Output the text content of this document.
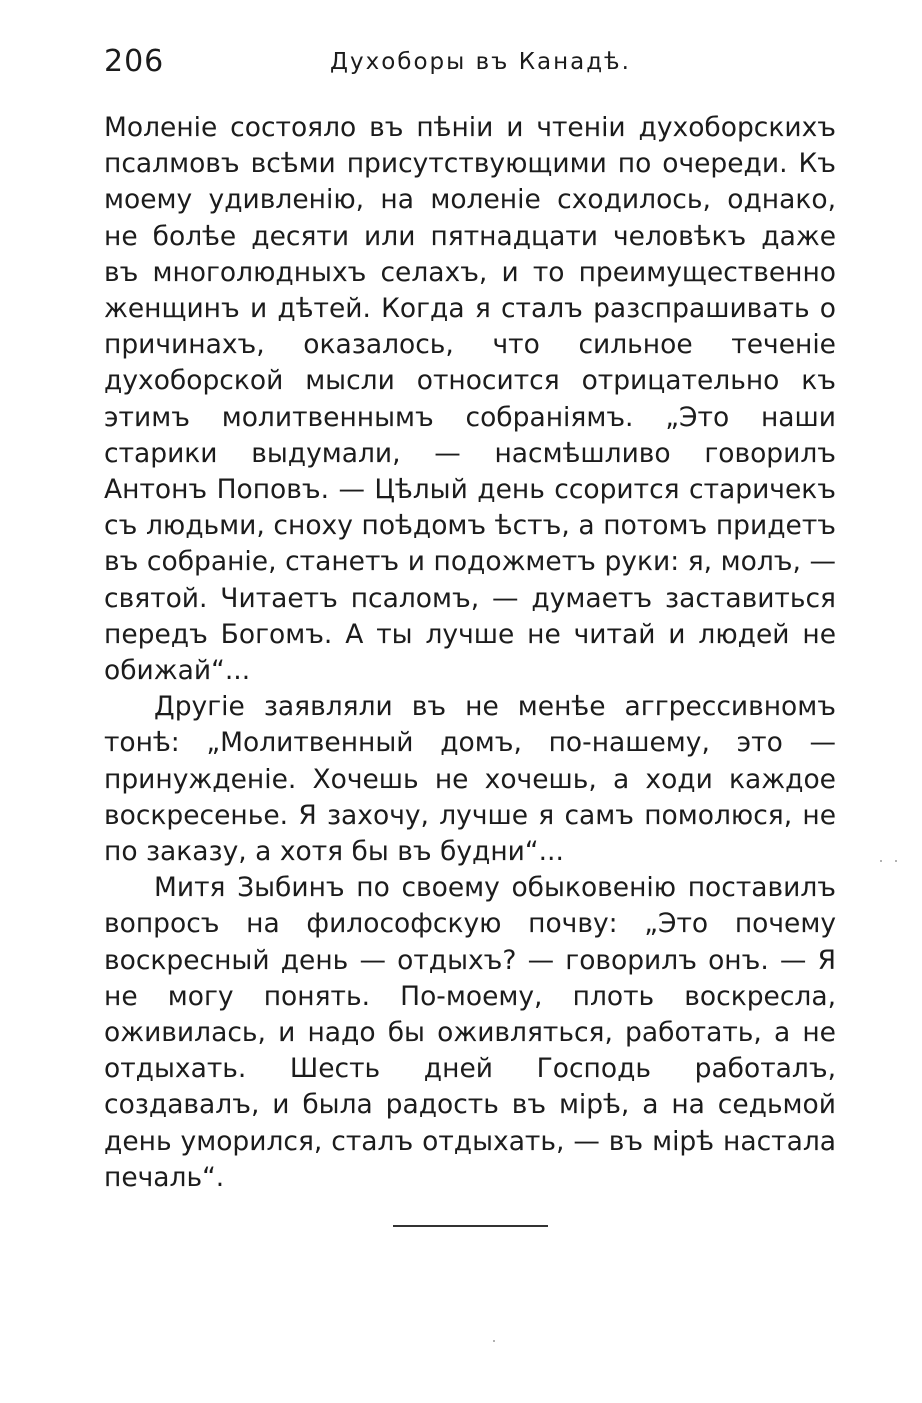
206	Духоборы въ Канадѣ.

Моленіе состояло въ пѣніи и чтеніи духоборскихъ псалмовъ всѣми присутствующими по очереди. Къ моему удивленію, на моленіе сходилось, однако, не болѣе десяти или пятнадцати человѣкъ даже въ многолюдныхъ селахъ, и то преимущественно женщинъ и дѣтей. Когда я сталъ разспрашивать о причинахъ, оказалось, что сильное теченіе духоборской мысли относится отрицательно къ этимъ молитвеннымъ собраніямъ. „Это наши старики выдумали, — насмѣшливо говорилъ Антонъ Поповъ. — Цѣлый день ссорится старичекъ съ людьми, сноху поѣдомъ ѣстъ, а потомъ придетъ въ собраніе, станетъ и подожметъ руки: я, молъ, — святой. Читаетъ псаломъ, — думаетъ заставиться передъ Богомъ. А ты лучше не читай и людей не обижай“...

Другіе заявляли въ не менѣе аггрессивномъ тонѣ: „Молитвенный домъ, по-нашему, это — принужденіе. Хочешь не хочешь, а ходи каждое воскресенье. Я захочу, лучше я самъ помолюся, не по заказу, а хотя бы въ будни“...

Митя Зыбинъ по своему обыковенію поставилъ вопросъ на философскую почву: „Это почему воскресный день — отдыхъ? — говорилъ онъ. — Я не могу понять. По-моему, плоть воскресла, оживилась, и надо бы оживляться, работать, а не отдыхать. Шесть дней Господь работалъ, создавалъ, и была радость въ мірѣ, а на седьмой день уморился, сталъ отдыхать, — въ мірѣ настала печаль“.
